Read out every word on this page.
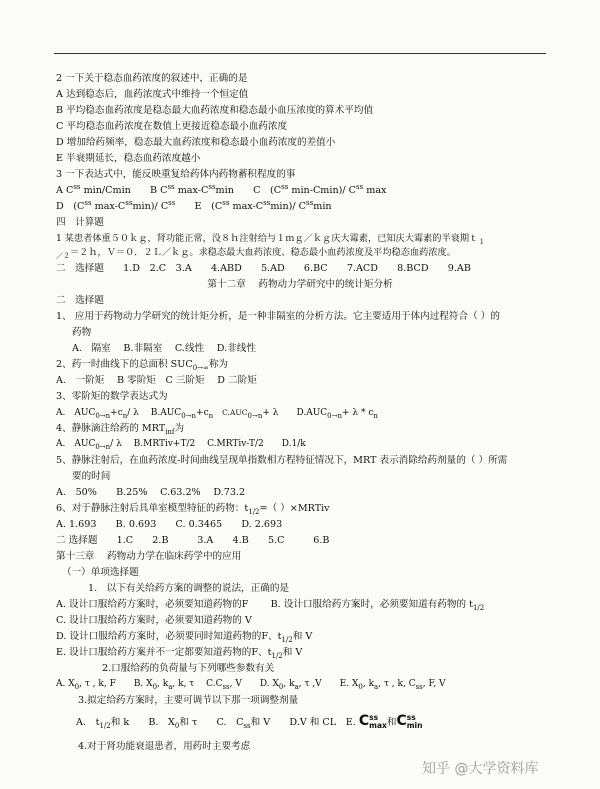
2 一下关于稳态血药浓度的叙述中，正确的是
A 达到稳态后，血药浓度式中维持一个恒定值
B 平均稳态血药浓度是稳态最大血药浓度和稳态最小血压浓度的算术平均值
C 平均稳态血药浓度在数值上更接近稳态最小血药浓度
D 增加给药频率，稳态最大血药浓度和稳态最小血药浓度的差值小
E 半衰期延长，稳态血药浓度越小
3 一下表达式中，能反映重复给药体内药物蓄积程度的事
A $C^{ss}$ min/Cmin　　B $C^{ss}$ $\max-C^{ss}\min$　　C　($C^{ss}$ min-Cmin)/ $C^{ss}$ max
D　($C^{ss}$ $\max-C^{ss}\min)/$ $C^{ss}$　　 E　($C^{ss}$ $\max-C^{ss}\min)/$ $C^{ss}\min$
四　计算题
1 某患者体重５０ｋｇ，肾功能正常，没８ｈ注射给与１ｍｇ／ｋｇ庆大霉素，已知庆大霉素的半衰期ｔ$_1$
$_{/2}$＝２ｈ，Ｖ＝０．２Ｌ／ｋｇ。求稳态最大血药浓度、稳态最小血药浓度及平均稳态血药浓度。
二　选择题　　1.D　2.C　3.A　　4.ABD　　5.AD　　6.BC　　7.ACD　　8.BCD　　9.AB
第十二章　 药物动力学研究中的统计矩分析
二　选择题
1、 应用于药物动力学研究的统计矩分析，是一种非隔室的分析方法。它主要适用于体内过程符合（ ）的
药物
A.　隔室　 B.非隔室　 C.线性　 D.非线性
2、药一时曲线下的总面积 $SUC_{0\to\infty}$称为
A.　一阶矩　 B 零阶矩　C 三阶矩　 D 二阶矩
3、零阶矩的数学表达式为
A.　$AUC_{0\to n}+c_n/$ λ　 $B.AUC_{0\to n}+c_n$　 $C.AUC_{0\to n}+ \lambda$　　$D.AUC_{0\to n}+ \lambda * c_n$
4、静脉滴注给药的 $MRT_{inf}$为
A.　$AUC_{0\to n}/$ λ　 B.MRTiv+T/2　 C.MRTiv-T/2　　D.1/k
5、静脉注射后，在血药浓度-时间曲线呈现单指数相方程特征情况下，MRT 表示消除给药剂量的（ ）所需
要的时间
A.　50%　　B.25%　 C.63.2%　 D.73.2
6、对于静脉注射后具单室模型特征的药物：$t_{1/2}=$（ ）×MRTiv
A. 1.693　　B. 0.693　　C. 0.3465　　D. 2.693
二 选择题　　1.C　　2.B　　　3.A　　4.B　　5.C　　　6.B
第十三章　 药物动力学在临床药学中的应用
（一）单项选择题
1.　以下有关给药方案的调整的说法，正确的是
A. 设计口服给药方案时，必须要知道药物的F　　 B. 设计口服给药方案时，必须要知道有药物的 $t_{1/2}$
C. 设计口服给药方案时，必须要知道药物的 V
D. 设计口服给药方案时，必须要同时知道药物的F、$t_{1/2}$和 V
E. 设计口服给药方案并不一定都要知道药物的F、$t_{1/2}$和 V
2.口服给药的负荷量与下列哪些参数有关
A. $X_0$, τ , k, F　　B. $X_0$, $k_a$, k, τ　 $C.C_{ss}$, V　　D. $X_0$, $k_a$, τ ,V　　E. $X_0$, $k_a$, τ , k, $C_{ss}$, F, V
3.拟定给药方案时，主要可调节以下那一项调整剂量
A.　$t_{1/2}$和 k　　B.　$X_0$和 τ　　C.　$C_{ss}$和 V　　D.V 和 CL　E. C ss
max 和C ss
min
4.对于肾功能衰退患者，用药时主要考虑
知乎 @大学资料库
